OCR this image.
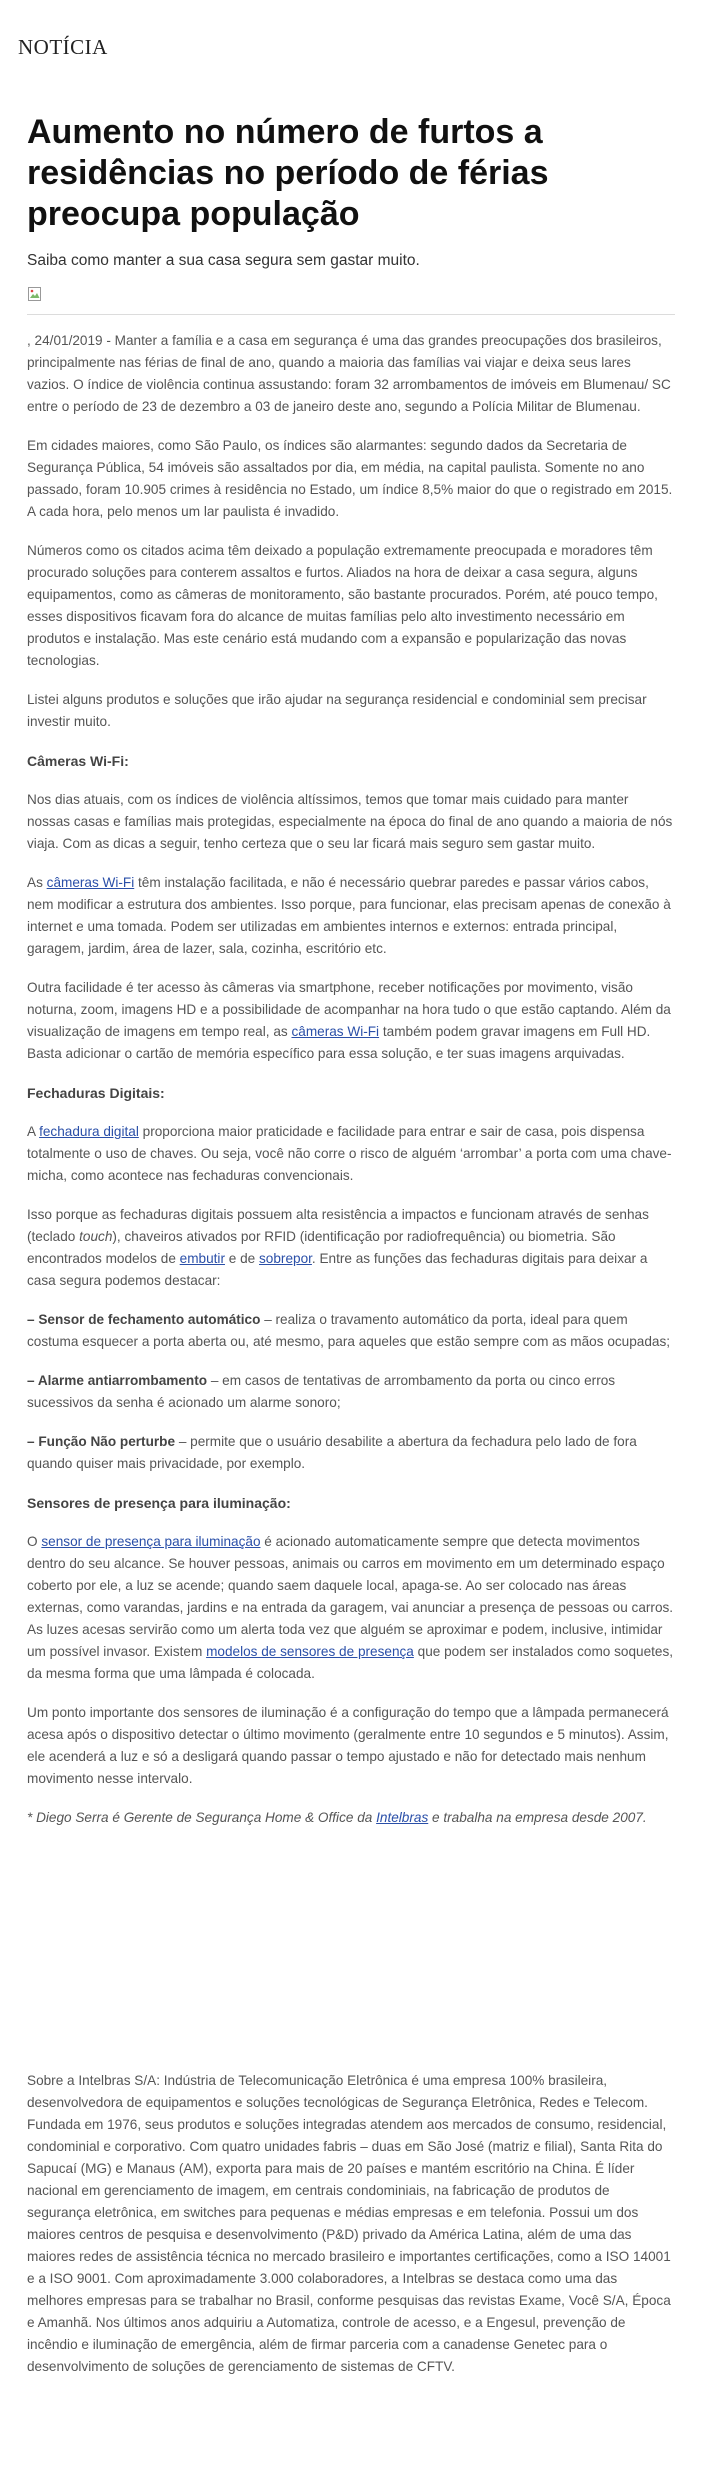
NOTÍCIA
Aumento no número de furtos a residências no período de férias preocupa população
Saiba como manter a sua casa segura sem gastar muito.

, 24/01/2019 - Manter a família e a casa em segurança é uma das grandes preocupações dos brasileiros, principalmente nas férias de final de ano, quando a maioria das famílias vai viajar e deixa seus lares vazios. O índice de violência continua assustando: foram 32 arrombamentos de imóveis em Blumenau/ SC entre o período de 23 de dezembro a 03 de janeiro deste ano, segundo a Polícia Militar de Blumenau.

Em cidades maiores, como São Paulo, os índices são alarmantes: segundo dados da Secretaria de Segurança Pública, 54 imóveis são assaltados por dia, em média, na capital paulista. Somente no ano passado, foram 10.905 crimes à residência no Estado, um índice 8,5% maior do que o registrado em 2015. A cada hora, pelo menos um lar paulista é invadido.

Números como os citados acima têm deixado a população extremamente preocupada e moradores têm procurado soluções para conterem assaltos e furtos. Aliados na hora de deixar a casa segura, alguns equipamentos, como as câmeras de monitoramento, são bastante procurados. Porém, até pouco tempo, esses dispositivos ficavam fora do alcance de muitas famílias pelo alto investimento necessário em produtos e instalação. Mas este cenário está mudando com a expansão e popularização das novas tecnologias.

Listei alguns produtos e soluções que irão ajudar na segurança residencial e condominial sem precisar investir muito.

Câmeras Wi-Fi:

Nos dias atuais, com os índices de violência altíssimos, temos que tomar mais cuidado para manter nossas casas e famílias mais protegidas, especialmente na época do final de ano quando a maioria de nós viaja. Com as dicas a seguir, tenho certeza que o seu lar ficará mais seguro sem gastar muito.

As câmeras Wi-Fi têm instalação facilitada, e não é necessário quebrar paredes e passar vários cabos, nem modificar a estrutura dos ambientes. Isso porque, para funcionar, elas precisam apenas de conexão à internet e uma tomada. Podem ser utilizadas em ambientes internos e externos: entrada principal, garagem, jardim, área de lazer, sala, cozinha, escritório etc.

Outra facilidade é ter acesso às câmeras via smartphone, receber notificações por movimento, visão noturna, zoom, imagens HD e a possibilidade de acompanhar na hora tudo o que estão captando. Além da visualização de imagens em tempo real, as câmeras Wi-Fi também podem gravar imagens em Full HD. Basta adicionar o cartão de memória específico para essa solução, e ter suas imagens arquivadas.

Fechaduras Digitais:

A fechadura digital proporciona maior praticidade e facilidade para entrar e sair de casa, pois dispensa totalmente o uso de chaves. Ou seja, você não corre o risco de alguém ‘arrombar’ a porta com uma chave-micha, como acontece nas fechaduras convencionais.

Isso porque as fechaduras digitais possuem alta resistência a impactos e funcionam através de senhas (teclado touch), chaveiros ativados por RFID (identificação por radiofrequência) ou biometria. São encontrados modelos de embutir e de sobrepor. Entre as funções das fechaduras digitais para deixar a casa segura podemos destacar:

– Sensor de fechamento automático – realiza o travamento automático da porta, ideal para quem costuma esquecer a porta aberta ou, até mesmo, para aqueles que estão sempre com as mãos ocupadas;

– Alarme antiarrombamento – em casos de tentativas de arrombamento da porta ou cinco erros sucessivos da senha é acionado um alarme sonoro;

– Função Não perturbe – permite que o usuário desabilite a abertura da fechadura pelo lado de fora quando quiser mais privacidade, por exemplo.

Sensores de presença para iluminação:

O sensor de presença para iluminação é acionado automaticamente sempre que detecta movimentos dentro do seu alcance. Se houver pessoas, animais ou carros em movimento em um determinado espaço coberto por ele, a luz se acende; quando saem daquele local, apaga-se. Ao ser colocado nas áreas externas, como varandas, jardins e na entrada da garagem, vai anunciar a presença de pessoas ou carros. As luzes acesas servirão como um alerta toda vez que alguém se aproximar e podem, inclusive, intimidar um possível invasor. Existem modelos de sensores de presença que podem ser instalados como soquetes, da mesma forma que uma lâmpada é colocada.

Um ponto importante dos sensores de iluminação é a configuração do tempo que a lâmpada permanecerá acesa após o dispositivo detectar o último movimento (geralmente entre 10 segundos e 5 minutos). Assim, ele acenderá a luz e só a desligará quando passar o tempo ajustado e não for detectado mais nenhum movimento nesse intervalo.

* Diego Serra é Gerente de Segurança Home & Office da Intelbras e trabalha na empresa desde 2007.

Sobre a Intelbras S/A: Indústria de Telecomunicação Eletrônica é uma empresa 100% brasileira, desenvolvedora de equipamentos e soluções tecnológicas de Segurança Eletrônica, Redes e Telecom. Fundada em 1976, seus produtos e soluções integradas atendem aos mercados de consumo, residencial, condominial e corporativo. Com quatro unidades fabris – duas em São José (matriz e filial), Santa Rita do Sapucaí (MG) e Manaus (AM), exporta para mais de 20 países e mantém escritório na China. É líder nacional em gerenciamento de imagem, em centrais condominiais, na fabricação de produtos de segurança eletrônica, em switches para pequenas e médias empresas e em telefonia. Possui um dos maiores centros de pesquisa e desenvolvimento (P&D) privado da América Latina, além de uma das maiores redes de assistência técnica no mercado brasileiro e importantes certificações, como a ISO 14001 e a ISO 9001. Com aproximadamente 3.000 colaboradores, a Intelbras se destaca como uma das melhores empresas para se trabalhar no Brasil, conforme pesquisas das revistas Exame, Você S/A, Época e Amanhã. Nos últimos anos adquiriu a Automatiza, controle de acesso, e a Engesul, prevenção de incêndio e iluminação de emergência, além de firmar parceria com a canadense Genetec para o desenvolvimento de soluções de gerenciamento de sistemas de CFTV.
